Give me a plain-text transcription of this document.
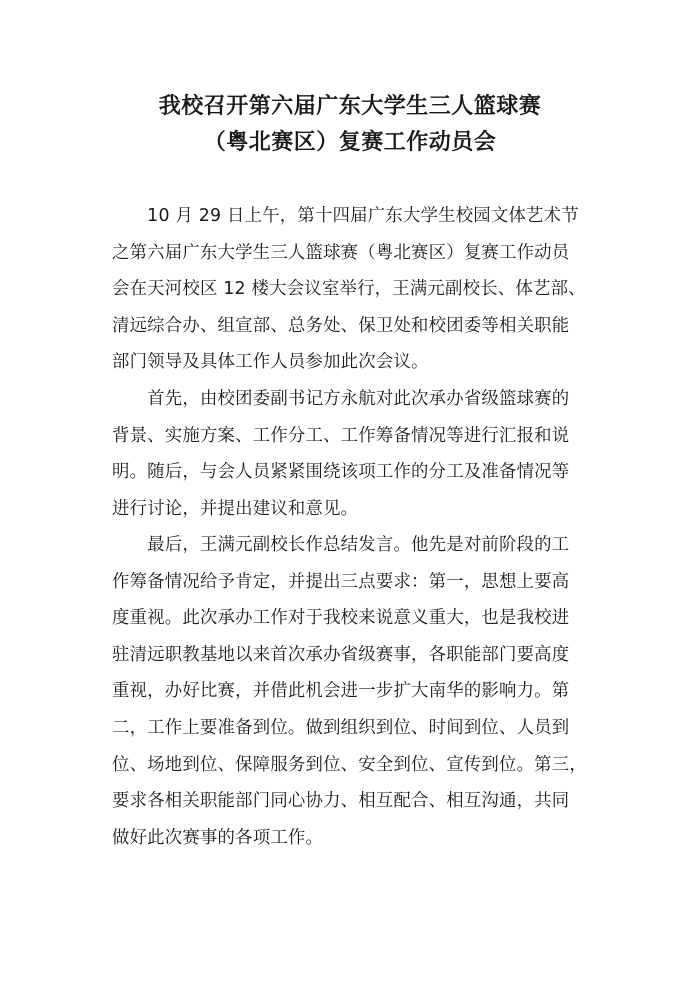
我校召开第六届广东大学生三人篮球赛
（粤北赛区）复赛工作动员会
　　10 月 29 日上午，第十四届广东大学生校园文体艺术节
之第六届广东大学生三人篮球赛（粤北赛区）复赛工作动员
会在天河校区 12 楼大会议室举行，王满元副校长、体艺部、
清远综合办、组宣部、总务处、保卫处和校团委等相关职能
部门领导及具体工作人员参加此次会议。
　　首先，由校团委副书记方永航对此次承办省级篮球赛的
背景、实施方案、工作分工、工作筹备情况等进行汇报和说
明。随后，与会人员紧紧围绕该项工作的分工及准备情况等
进行讨论，并提出建议和意见。
　　最后，王满元副校长作总结发言。他先是对前阶段的工
作筹备情况给予肯定，并提出三点要求：第一，思想上要高
度重视。此次承办工作对于我校来说意义重大，也是我校进
驻清远职教基地以来首次承办省级赛事，各职能部门要高度
重视，办好比赛，并借此机会进一步扩大南华的影响力。第
二，工作上要准备到位。做到组织到位、时间到位、人员到
位、场地到位、保障服务到位、安全到位、宣传到位。第三，
要求各相关职能部门同心协力、相互配合、相互沟通，共同
做好此次赛事的各项工作。
